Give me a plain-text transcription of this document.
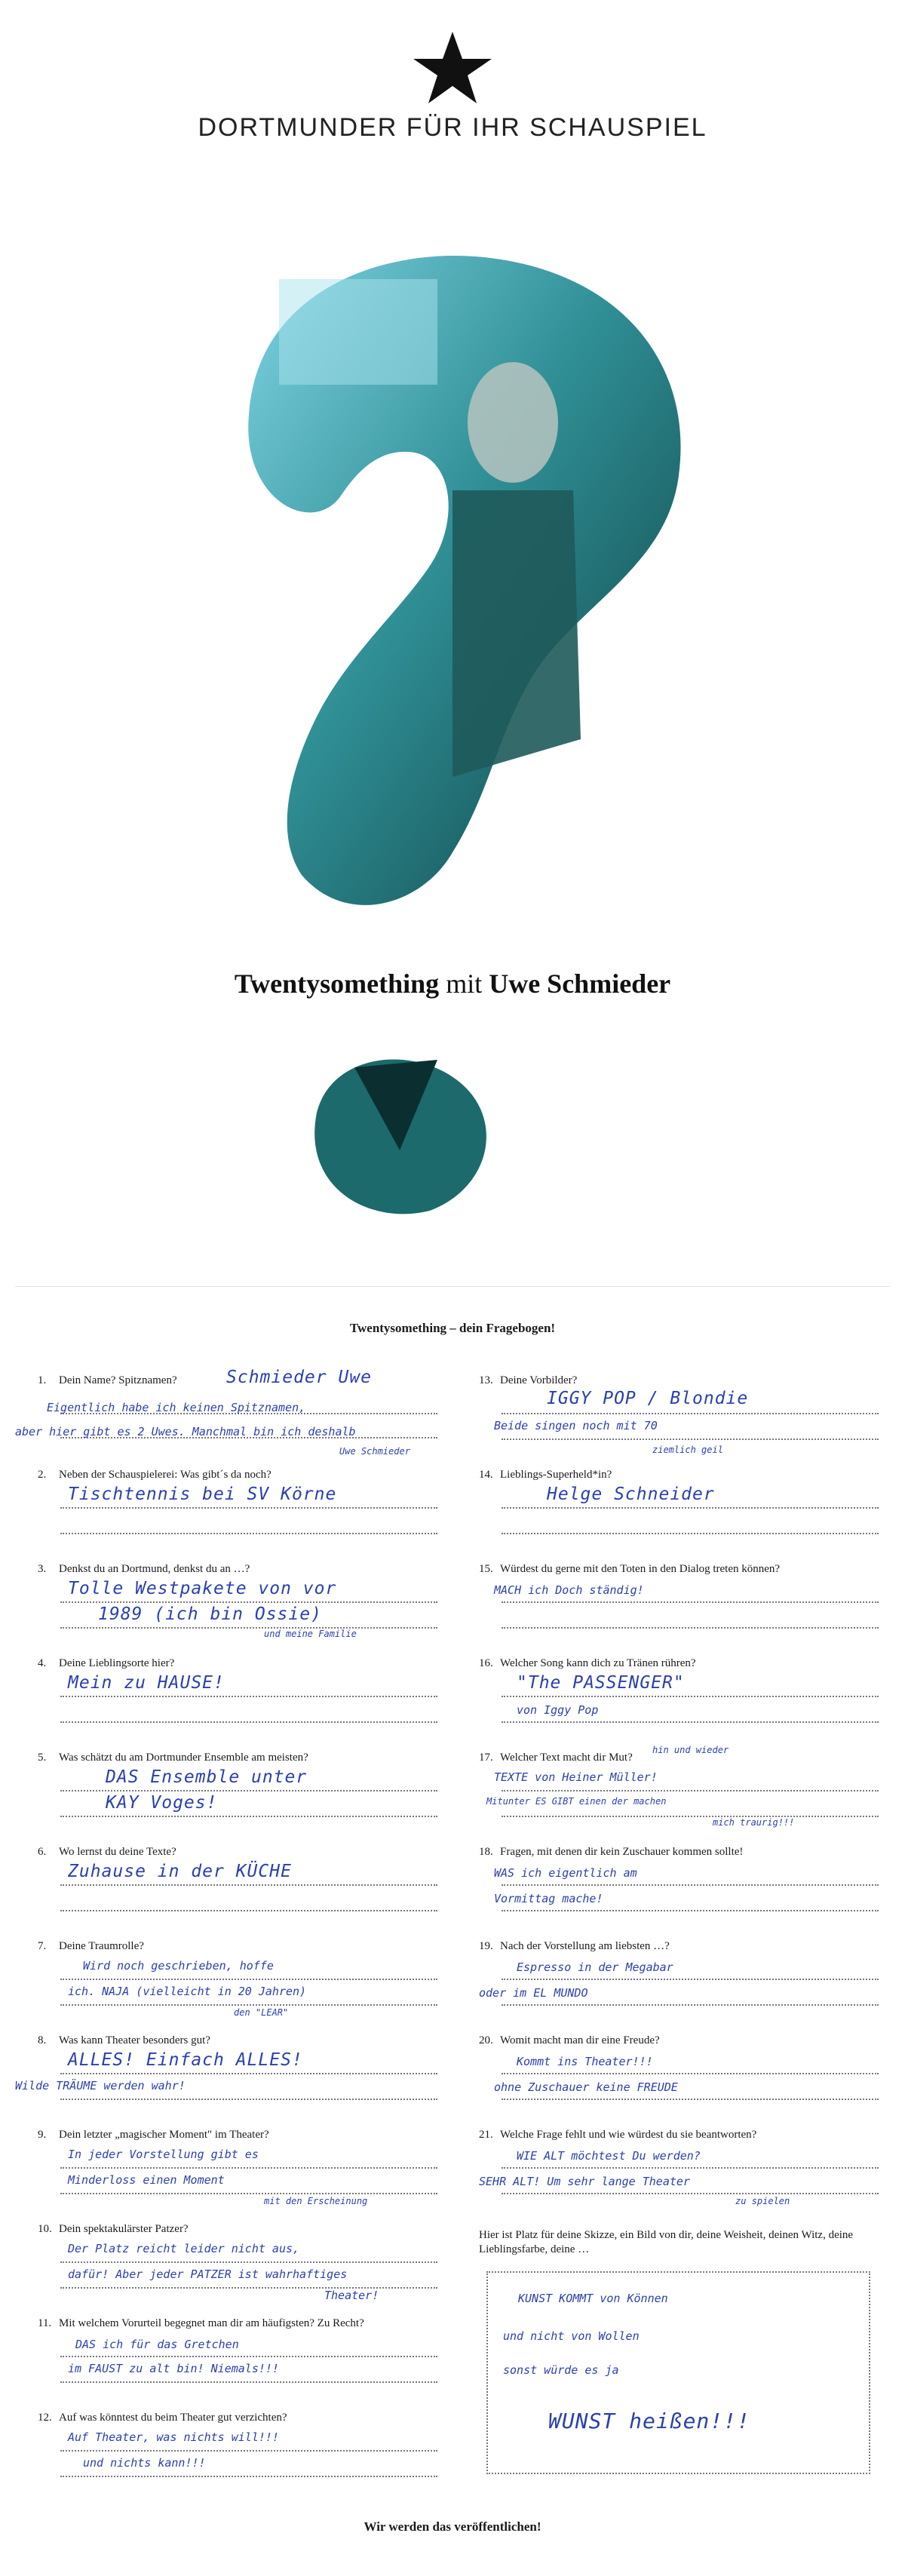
DORTMUNDER FÜR IHR SCHAUSPIEL
Twentysomething mit Uwe Schmieder
Twentysomething – dein Fragebogen!
1. Dein Name? Spitznamen?	Schmieder Uwe
Eigentlich habe ich keinen Spitznamen,
aber hier gibt es 2 Uwes. Manchmal bin ich deshalb
Uwe Schmieder
2. Neben der Schauspielerei: Was gibt´s da noch?
Tischtennis bei SV Körne
3. Denkst du an Dortmund, denkst du an …?
Tolle Westpakete von vor
1989 (ich bin Ossie)
und meine Familie
4. Deine Lieblingsorte hier?
Mein zu HAUSE!
5. Was schätzt du am Dortmunder Ensemble am meisten?
DAS Ensemble unter
KAY Voges!
6. Wo lernst du deine Texte?
Zuhause in der KÜCHE
7. Deine Traumrolle?
Wird noch geschrieben, hoffe
ich. NAJA (vielleicht in 20 Jahren)
den "LEAR"
8. Was kann Theater besonders gut?
ALLES! Einfach ALLES!
Wilde TRÄUME werden wahr!
9. Dein letzter „magischer Moment" im Theater?
In jeder Vorstellung gibt es
Minderloss einen Moment
mit den Erscheinung
10. Dein spektakulärster Patzer?
Der Platz reicht leider nicht aus,
dafür! Aber jeder PATZER ist wahrhaftiges
Theater!
11. Mit welchem Vorurteil begegnet man dir am häufigsten? Zu Recht?
DAS ich für das Gretchen
im FAUST zu alt bin! Niemals!!!
12. Auf was könntest du beim Theater gut verzichten?
Auf Theater, was nichts will!!!
und nichts kann!!!
13. Deine Vorbilder?
IGGY POP / Blondie
Beide singen noch mit 70
ziemlich geil
14. Lieblings-Superheld*in?
Helge Schneider
15. Würdest du gerne mit den Toten in den Dialog treten können?
MACH ich Doch ständig!
16. Welcher Song kann dich zu Tränen rühren?
"The PASSENGER"
von Iggy Pop
17. Welcher Text macht dir Mut?
hin und wieder
TEXTE von Heiner Müller!
Mitunter ES GIBT einen der machen
mich traurig!!!
18. Fragen, mit denen dir kein Zuschauer kommen sollte!
WAS ich eigentlich am
Vormittag mache!
19. Nach der Vorstellung am liebsten …?
Espresso in der Megabar
oder im EL MUNDO
20. Womit macht man dir eine Freude?
Kommt ins Theater!!!
ohne Zuschauer keine FREUDE
21. Welche Frage fehlt und wie würdest du sie beantworten?
WIE ALT möchtest Du werden?
SEHR ALT! Um sehr lange Theater
zu spielen
Hier ist Platz für deine Skizze, ein Bild von dir, deine Weisheit, deinen Witz, deine Lieblingsfarbe, deine …
KUNST KOMMT von Können
und nicht von Wollen
sonst würde es ja
WUNST heißen!!!
Wir werden das veröffentlichen!
